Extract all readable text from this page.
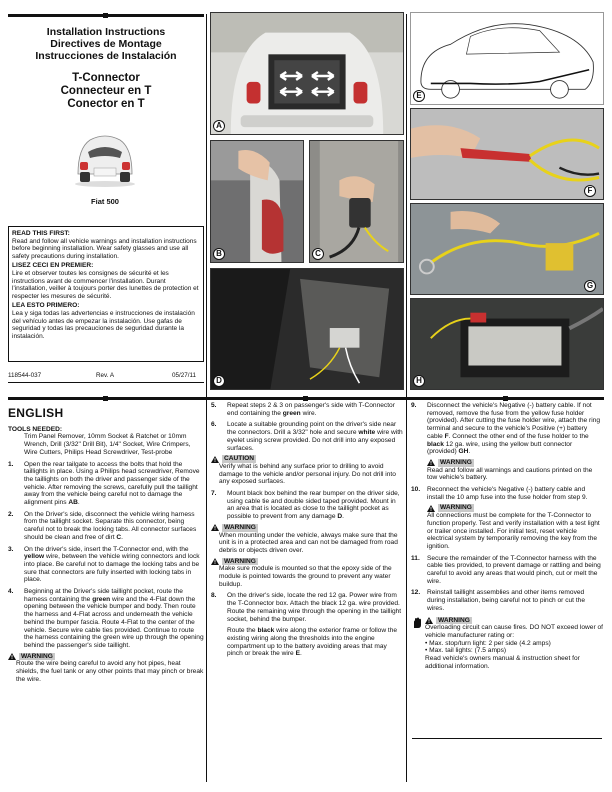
Installation Instructions
Directives de Montage
Instrucciones de Instalación
T-Connector
Connecteur en T
Conector en T
Fiat 500
READ THIS FIRST:

Read and follow all vehicle warnings and installation instructions before beginning installation. Wear safety glasses and use all safety precautions during installation.

LISEZ CECI EN PREMIER:

Lire et observer toutes les consignes de sécurité et les instructions avant de commencer l'installation. Durant l'installation, veiller à toujours porter des lunettes de protection et respecter les mesures de sécurité.

LEA ESTO PRIMERO:

Lea y siga todas las advertencias e instrucciones de instalación del vehículo antes de empezar la instalación. Use gafas de seguridad y todas las precauciones de seguridad durante la instalación.

118544-037	Rev. A	05/27/11
A
B	C
D
E
F
G
H
ENGLISH
TOOLS NEEDED:
Trim Panel Remover, 10mm Socket & Ratchet or 10mm Wrench, Drill (3/32" Drill Bit), 1/4" Socket, Wire Crimpers, Wire Cutters, Philips Head Screwdriver, Test-probe
1. Open the rear tailgate to access the bolts that hold the taillights in place. Using a Philips head screwdriver, Remove the taillights on both the driver and passenger side of the vehicle. After removing the screws, carefully pull the taillight away from the vehicle being careful not to damage the alignment pins AB.
2. On the Driver's side, disconnect the vehicle wiring harness from the taillight socket. Separate this connector, being careful not to break the locking tabs. All connector surfaces should be clean and free of dirt C.
3. On the driver's side, insert the T-Connector end, with the yellow wire, between the vehicle wiring connectors and lock into place. Be careful not to damage the locking tabs and be sure that connectors are fully inserted with locking tabs in place.
4. Beginning at the Driver's side taillight pocket, route the harness containing the green wire and the 4-Flat down the opening between the vehicle bumper and body. Then route the harness and 4-Flat across and underneath the vehicle behind the bumper fascia. Route 4-Flat to the center of the vehicle. Secure wire cable ties provided. Continue to route the harness containing the green wire up through the opening behind the passenger's side taillight.
WARNING
Route the wire being careful to avoid any hot pipes, heat shields, the fuel tank or any other points that may pinch or break the wire.
5. Repeat steps 2 & 3 on passenger's side with T-Connector end containing the green wire.
6. Locate a suitable grounding point on the driver's side near the connectors. Drill a 3/32" hole and secure white wire with eyelet using screw provided. Do not drill into any exposed surfaces.
CAUTION
Verify what is behind any surface prior to drilling to avoid damage to the vehicle and/or personal injury. Do not drill into any exposed surfaces.
7. Mount black box behind the rear bumper on the driver side, using cable tie and double sided taped provided. Mount in an area that is located as close to the taillight pocket as possible to prevent from any damage D.
WARNING
When mounting under the vehicle, always make sure that the unit is in a protected area and can not be damaged from road debris or objects driven over.
WARNING
Make sure module is mounted so that the epoxy side of the module is pointed towards the ground to prevent any water buildup.
8. On the driver's side, locate the red 12 ga. Power wire from the T-Connector box. Attach the black 12 ga. wire provided. Route the remaining wire through the opening in the taillight socket, behind the bumper.
Route the black wire along the exterior frame or follow the existing wiring along the thresholds into the engine compartment up to the battery avoiding areas that may pinch or break the wire E.
9. Disconnect the vehicle's Negative (-) battery cable. If not removed, remove the fuse from the yellow fuse holder (provided). After cutting the fuse holder wire, attach the ring terminal and secure to the vehicle's Positive (+) battery cable F. Connect the other end of the fuse holder to the black 12 ga. wire, using the yellow butt connector (provided) GH.
WARNING
Read and follow all warnings and cautions printed on the tow vehicle's battery.
10. Reconnect the vehicle's Negative (-) battery cable and install the 10 amp fuse into the fuse holder from step 9.
WARNING
All connections must be complete for the T-Connector to function properly. Test and verify installation with a test light or trailer once installed. For initial test, reset vehicle electrical system by temporarily removing the key from the ignition.
11. Secure the remainder of the T-Connector harness with the cable ties provided, to prevent damage or rattling and being careful to avoid any areas that would pinch, cut or melt the wire.
12. Reinstall taillight assemblies and other items removed during installation, being careful not to pinch or cut the wires.
WARNING
Overloading circuit can cause fires. DO NOT exceed lower of vehicle manufacturer rating or:
• Max. stop/turn light: 2 per side (4.2 amps)
• Max. tail lights: (7.5 amps)
Read vehicle's owners manual & instruction sheet for additional information.
